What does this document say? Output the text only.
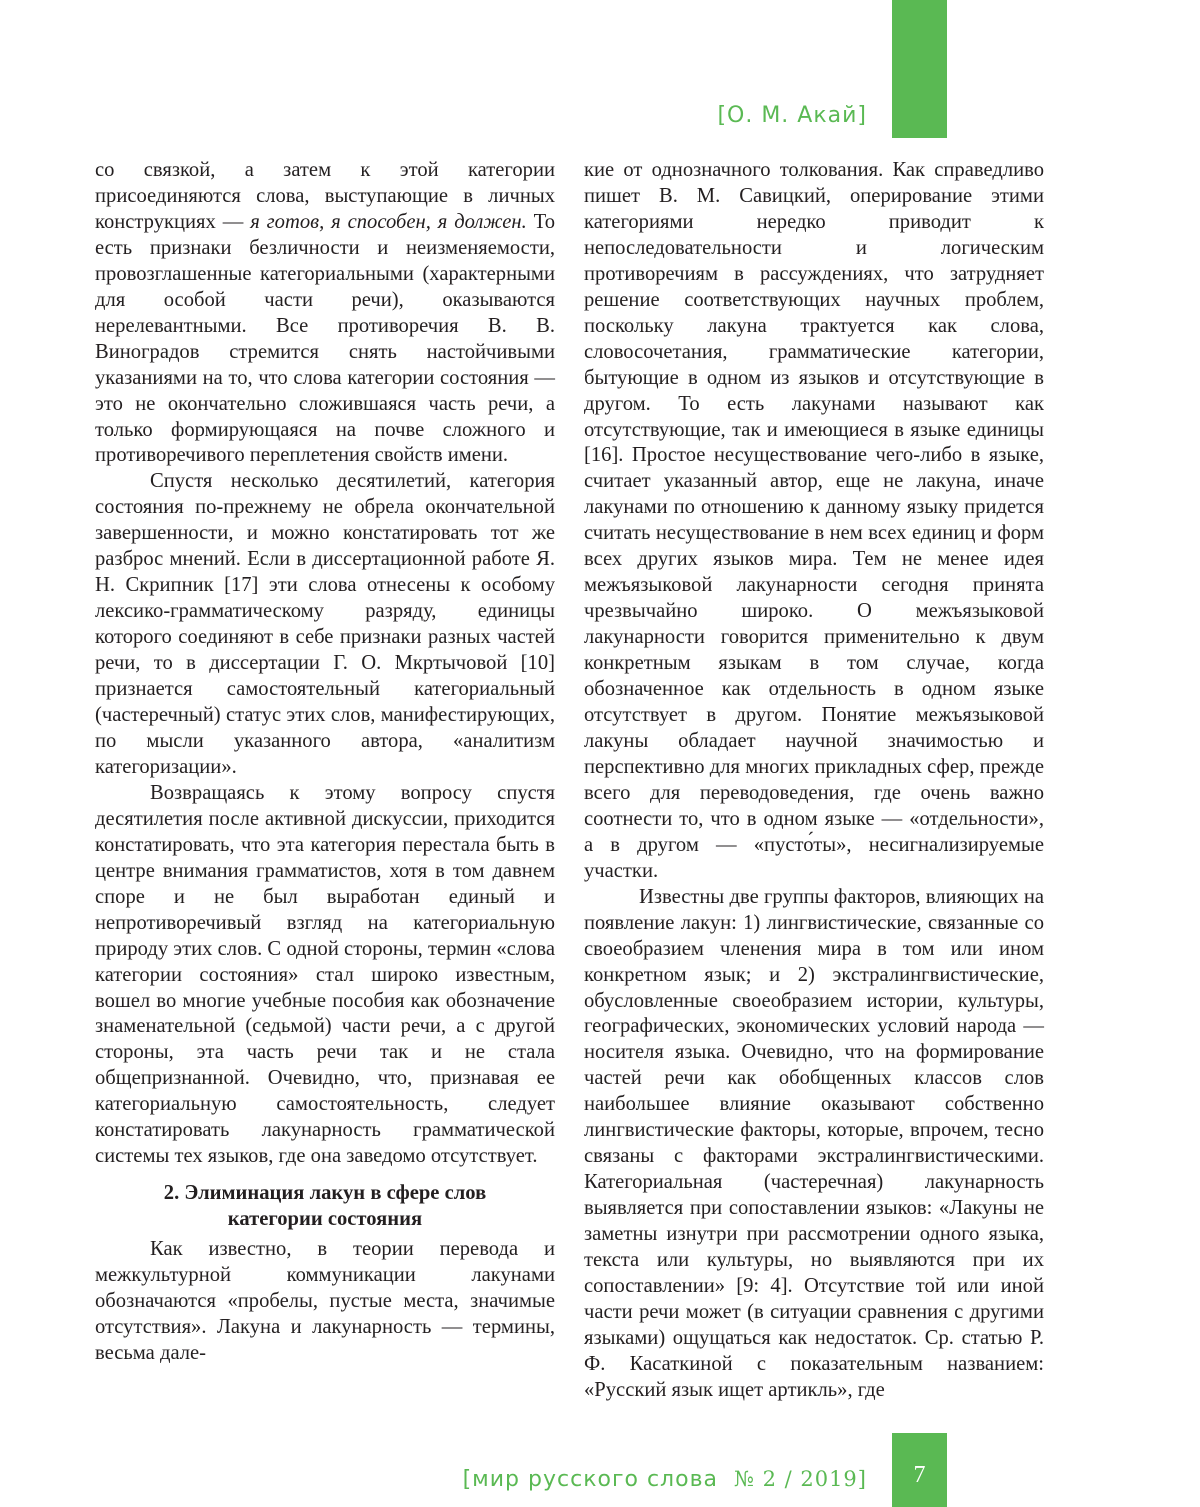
[О. М. Акай]

со связкой, а затем к этой категории присоединяются слова, выступающие в личных конструкциях — я готов, я способен, я должен. То есть признаки безличности и неизменяемости, провозглашенные категориальными (характерными для особой части речи), оказываются нерелевантными. Все противоречия В. В. Виноградов стремится снять настойчивыми указаниями на то, что слова категории состояния — это не окончательно сложившаяся часть речи, а только формирующаяся на почве сложного и противоречивого переплетения свойств имени.

Спустя несколько десятилетий, категория состояния по-прежнему не обрела окончательной завершенности, и можно констатировать тот же разброс мнений. Если в диссертационной работе Я. Н. Скрипник [17] эти слова отнесены к особому лексико-грамматическому разряду, единицы которого соединяют в себе признаки разных частей речи, то в диссертации Г. О. Мкртычовой [10] признается самостоятельный категориальный (частеречный) статус этих слов, манифестирующих, по мысли указанного автора, «аналитизм категоризации».

Возвращаясь к этому вопросу спустя десятилетия после активной дискуссии, приходится констатировать, что эта категория перестала быть в центре внимания грамматистов, хотя в том давнем споре и не был выработан единый и непротиворечивый взгляд на категориальную природу этих слов. С одной стороны, термин «слова категории состояния» стал широко известным, вошел во многие учебные пособия как обозначение знаменательной (седьмой) части речи, а с другой стороны, эта часть речи так и не стала общепризнанной. Очевидно, что, признавая ее категориальную самостоятельность, следует констатировать лакунарность грамматической системы тех языков, где она заведомо отсутствует.

2. Элиминация лакун в сфере слов
категории состояния

Как известно, в теории перевода и межкультурной коммуникации лакунами обозначаются «пробелы, пустые места, значимые отсутствия». Лакуна и лакунарность — термины, весьма дале-

кие от однозначного толкования. Как справедливо пишет В. М. Савицкий, оперирование этими категориями нередко приводит к непоследовательности и логическим противоречиям в рассуждениях, что затрудняет решение соответствующих научных проблем, поскольку лакуна трактуется как слова, словосочетания, грамматические категории, бытующие в одном из языков и отсутствующие в другом. То есть лакунами называют как отсутствующие, так и имеющиеся в языке единицы [16]. Простое несуществование чего-либо в языке, считает указанный автор, еще не лакуна, иначе лакунами по отношению к данному языку придется считать несуществование в нем всех единиц и форм всех других языков мира. Тем не менее идея межъязыковой лакунарности сегодня принята чрезвычайно широко. О межъязыковой лакунарности говорится применительно к двум конкретным языкам в том случае, когда обозначенное как отдельность в одном языке отсутствует в другом. Понятие межъязыковой лакуны обладает научной значимостью и перспективно для многих прикладных сфер, прежде всего для переводоведения, где очень важно соотнести то, что в одном языке — «отдельности», а в другом — «пусто́ты», несигнализируемые участки.

Известны две группы факторов, влияющих на появление лакун: 1) лингвистические, связанные со своеобразием членения мира в том или ином конкретном язык; и 2) экстралингвистические, обусловленные своеобразием истории, культуры, географических, экономических условий народа — носителя языка. Очевидно, что на формирование частей речи как обобщенных классов слов наибольшее влияние оказывают собственно лингвистические факторы, которые, впрочем, тесно связаны с факторами экстралингвистическими. Категориальная (частеречная) лакунарность выявляется при сопоставлении языков: «Лакуны не заметны изнутри при рассмотрении одного языка, текста или культуры, но выявляются при их сопоставлении» [9: 4]. Отсутствие той или иной части речи может (в ситуации сравнения с другими языками) ощущаться как недостаток. Ср. статью Р. Ф. Касаткиной с показательным названием: «Русский язык ищет артикль», где

[мир русского слова № 2 / 2019]	7
